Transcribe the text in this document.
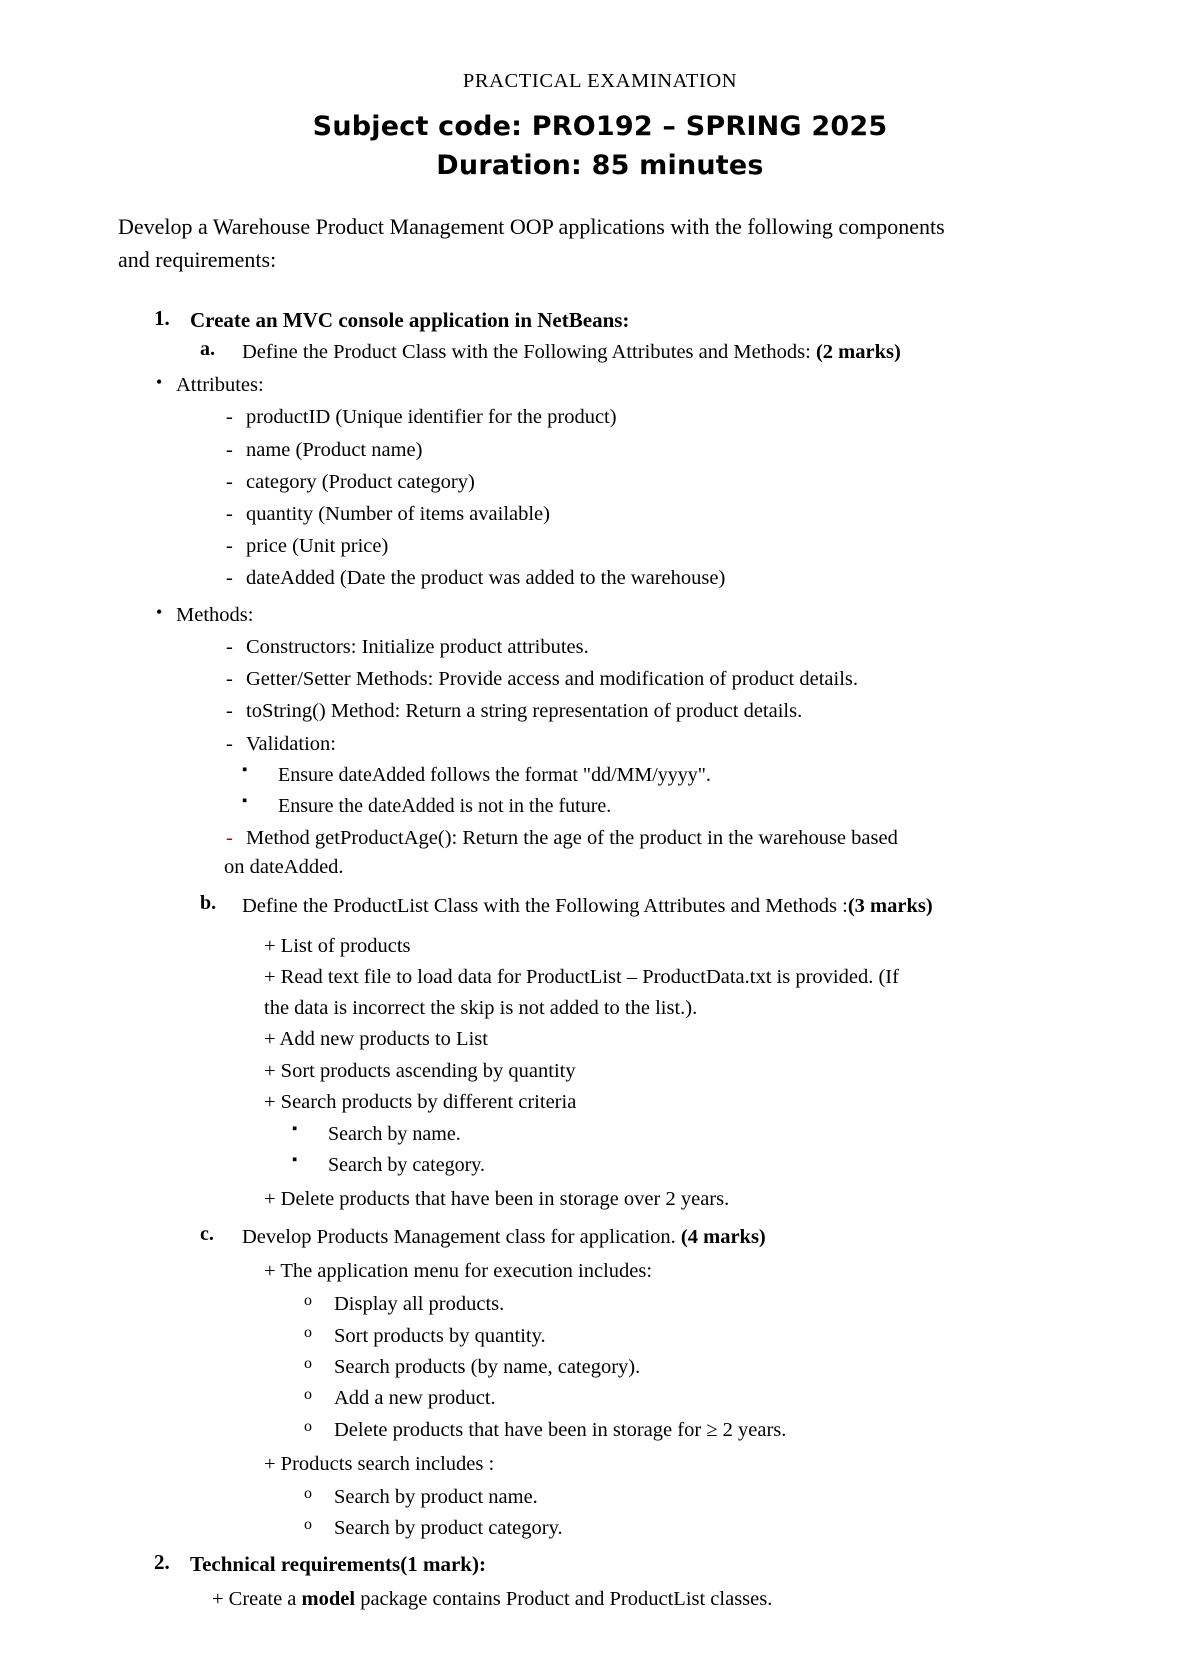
PRACTICAL EXAMINATION
Subject code: PRO192 – SPRING 2025
Duration: 85 minutes
Develop a Warehouse Product Management OOP applications with the following components
and requirements:
1. Create an MVC console application in NetBeans:
a. Define the Product Class with the Following Attributes and Methods: (2 marks)
• Attributes:
- productID (Unique identifier for the product)
- name (Product name)
- category (Product category)
- quantity (Number of items available)
- price (Unit price)
- dateAdded (Date the product was added to the warehouse)
• Methods:
- Constructors: Initialize product attributes.
- Getter/Setter Methods: Provide access and modification of product details.
- toString() Method: Return a string representation of product details.
- Validation:
▪ Ensure dateAdded follows the format "dd/MM/yyyy".
▪ Ensure the dateAdded is not in the future.
- Method getProductAge(): Return the age of the product in the warehouse based
on dateAdded.
b. Define the ProductList Class with the Following Attributes and Methods :(3 marks)
+ List of products
+ Read text file to load data for ProductList – ProductData.txt is provided. (If
the data is incorrect the skip is not added to the list.).
+ Add new products to List
+ Sort products ascending by quantity
+ Search products by different criteria
▪ Search by name.
▪ Search by category.
+ Delete products that have been in storage over 2 years.
c. Develop Products Management class for application. (4 marks)
+ The application menu for execution includes:
o Display all products.
o Sort products by quantity.
o Search products (by name, category).
o Add a new product.
o Delete products that have been in storage for ≥ 2 years.
+ Products search includes :
o Search by product name.
o Search by product category.
2. Technical requirements(1 mark):
+ Create a model package contains Product and ProductList classes.
